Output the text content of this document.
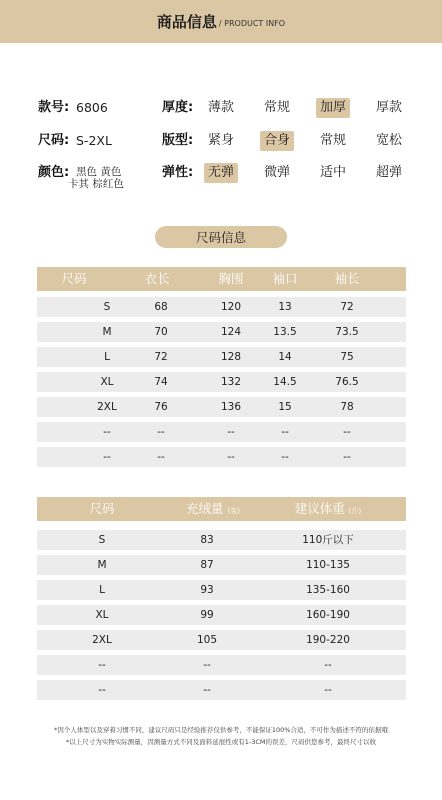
商品信息 / PRODUCT INFO
款号: 6806	厚度:	薄款	常规	加厚	厚款
尺码: S-2XL	版型:	紧身	合身	常规	宽松
颜色: 黑色 黄色
卡其 棕红色
弹性:	无弹	微弹	适中	超弹
尺码信息
尺码	衣长	胸围	袖口	袖长
S	68	120	13	72
M	70	124	13.5	73.5
L	72	128	14	75
XL	74	132	14.5	76.5
2XL	76	136	15	78
--	--	--	--	--
--	--	--	--	--
尺码	充绒量 (克)	建议体重 (斤)
S	83	110斤以下
M	87	110-135
L	93	135-160
XL	99	160-190
2XL	105	190-220
--	--	--
--	--	--
*因个人体型以及穿着习惯不同，建议尺码只是经验推荐仅供参考，不能保证100%合适，不可作为描述不符的依据哦
*以上尺寸为实物实际测量，因测量方式不同及面料延展性或有1-3CM的误差，尺码供您参考，最终尺寸以收
